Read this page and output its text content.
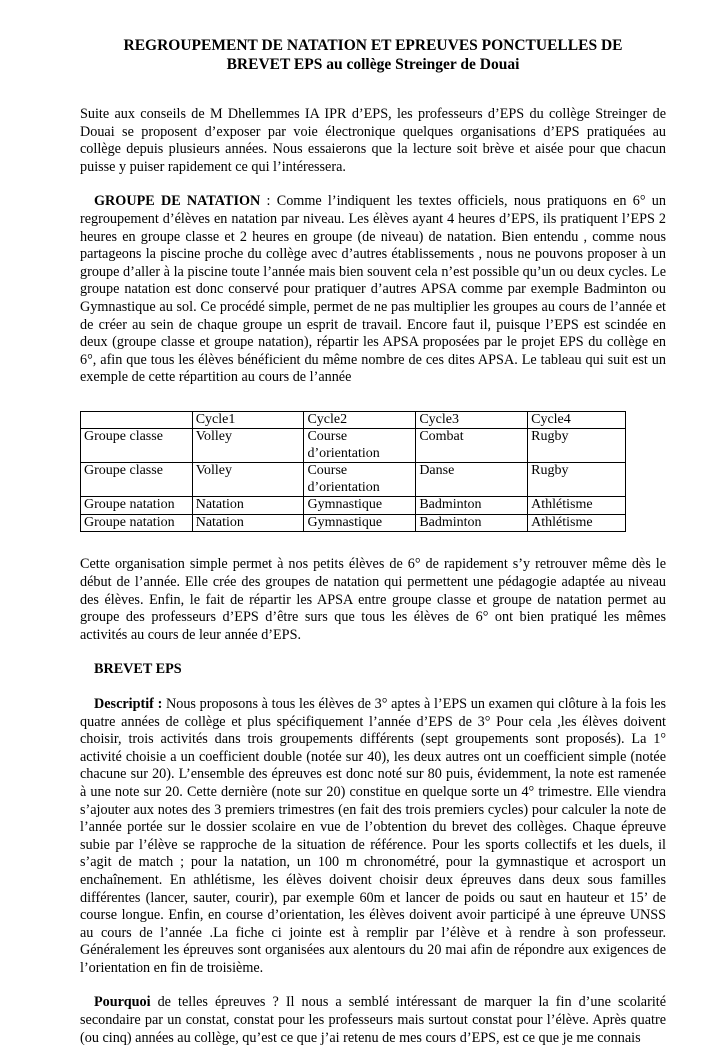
REGROUPEMENT DE NATATION ET EPREUVES PONCTUELLES DE
BREVET EPS au collège Streinger de Douai

Suite aux conseils de M Dhellemmes IA IPR d’EPS, les professeurs d’EPS du collège Streinger de Douai se proposent d’exposer par voie électronique quelques organisations d’EPS pratiquées au collège depuis plusieurs années. Nous essaierons que la lecture soit brève et aisée pour que chacun puisse y puiser rapidement ce qui l’intéressera.

GROUPE DE NATATION : Comme l’indiquent les textes officiels, nous pratiquons en 6° un regroupement d’élèves en natation par niveau. Les élèves ayant 4 heures d’EPS, ils pratiquent l’EPS 2 heures en groupe classe et 2 heures en groupe (de niveau) de natation. Bien entendu , comme nous partageons la piscine proche du collège avec d’autres établissements , nous ne pouvons proposer à un groupe d’aller à la piscine toute l’année mais bien souvent cela n’est possible qu’un ou deux cycles. Le groupe natation est donc conservé pour pratiquer d’autres APSA comme par exemple Badminton ou Gymnastique au sol. Ce procédé simple, permet de ne pas multiplier les groupes au cours de l’année et de créer au sein de chaque groupe un esprit de travail. Encore faut il, puisque l’EPS est scindée en deux (groupe classe et groupe natation), répartir les APSA proposées par le projet EPS du collège en 6°, afin que tous les élèves bénéficient du même nombre de ces dites APSA. Le tableau qui suit est un exemple de cette répartition au cours de l’année

	Cycle1	Cycle2	Cycle3	Cycle4
Groupe classe	Volley	Course d’orientation	Combat	Rugby
Groupe classe	Volley	Course d’orientation	Danse	Rugby
Groupe natation	Natation	Gymnastique	Badminton	Athlétisme
Groupe natation	Natation	Gymnastique	Badminton	Athlétisme

Cette organisation simple permet à nos petits élèves de 6° de rapidement s’y retrouver même dès le début de l’année. Elle crée des groupes de natation qui permettent une pédagogie adaptée au niveau des élèves. Enfin, le fait de répartir les APSA entre groupe classe et groupe de natation permet au groupe des professeurs d’EPS d’être surs que tous les élèves de 6° ont bien pratiqué les mêmes activités au cours de leur année d’EPS.

BREVET EPS

Descriptif : Nous proposons à tous les élèves de 3° aptes à l’EPS un examen qui clôture à la fois les quatre années de collège et plus spécifiquement l’année d’EPS de 3° Pour cela ,les élèves doivent choisir, trois activités dans trois groupements différents (sept groupements sont proposés). La 1° activité choisie a un coefficient double (notée sur 40), les deux autres ont un coefficient simple (notée chacune sur 20). L’ensemble des épreuves est donc noté sur 80 puis, évidemment, la note est ramenée à une note sur 20. Cette dernière (note sur 20) constitue en quelque sorte un 4° trimestre. Elle viendra s’ajouter aux notes des 3 premiers trimestres (en fait des trois premiers cycles) pour calculer la note de l’année portée sur le dossier scolaire en vue de l’obtention du brevet des collèges. Chaque épreuve subie par l’élève se rapproche de la situation de référence. Pour les sports collectifs et les duels, il s’agit de match ; pour la natation, un 100 m chronométré, pour la gymnastique et acrosport un enchaînement. En athlétisme, les élèves doivent choisir deux épreuves dans deux sous familles différentes (lancer, sauter, courir), par exemple 60m et lancer de poids ou saut en hauteur et 15’ de course longue. Enfin, en course d’orientation, les élèves doivent avoir participé à une épreuve UNSS au cours de l’année .La fiche ci jointe est à remplir par l’élève et à rendre à son professeur. Généralement les épreuves sont organisées aux alentours du 20 mai afin de répondre aux exigences de l’orientation en fin de troisième.

Pourquoi de telles épreuves ? Il nous a semblé intéressant de marquer la fin d’une scolarité secondaire par un constat, constat pour les professeurs mais surtout constat pour l’élève. Après quatre (ou cinq) années au collège, qu’est ce que j’ai retenu de mes cours d’EPS, est ce que je me connais
